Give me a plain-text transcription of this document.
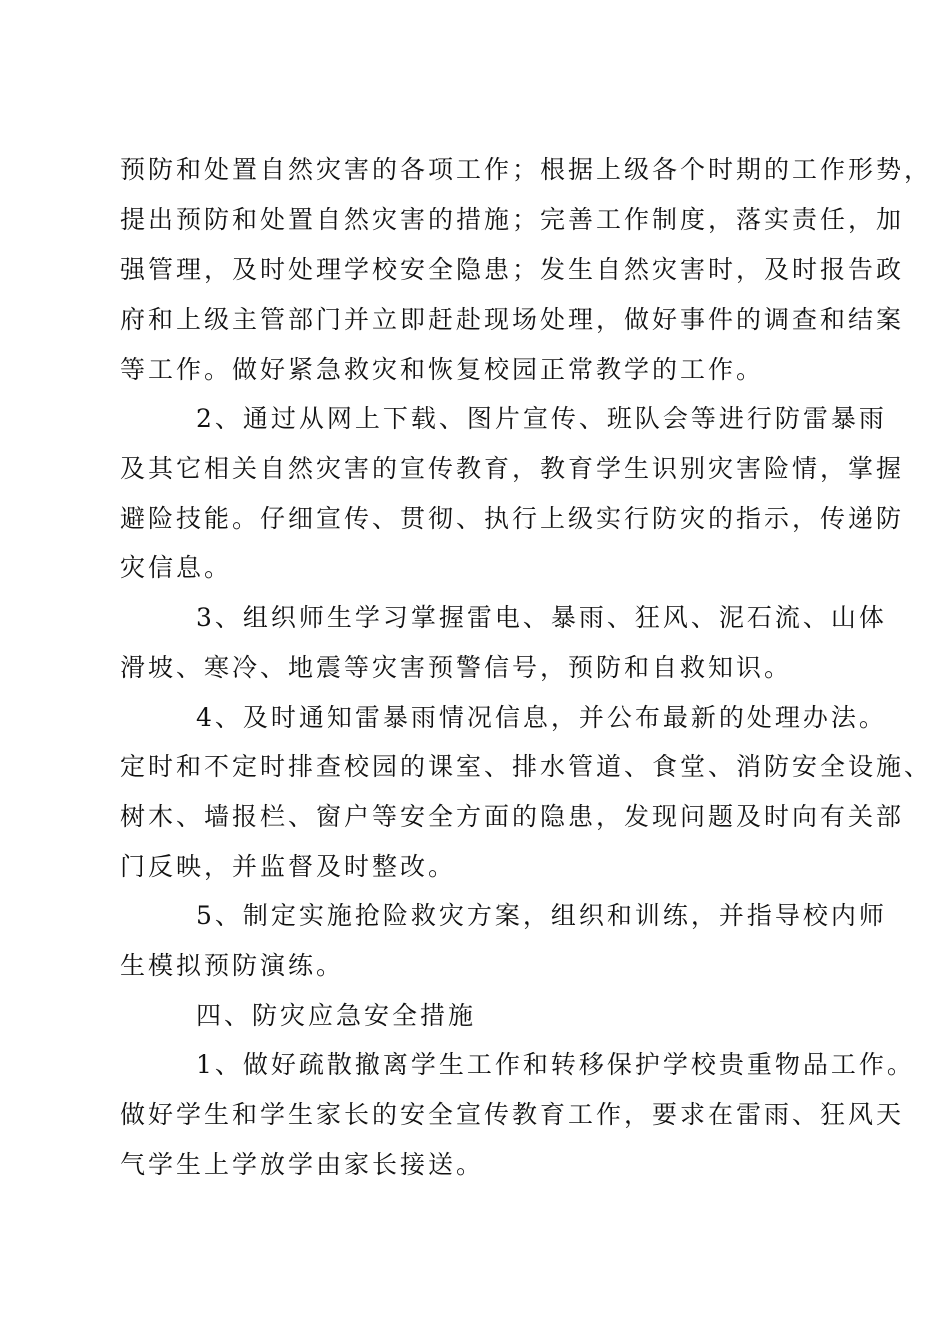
预防和处置自然灾害的各项工作；根据上级各个时期的工作形势，
提出预防和处置自然灾害的措施；完善工作制度，落实责任，加
强管理，及时处理学校安全隐患；发生自然灾害时，及时报告政
府和上级主管部门并立即赶赴现场处理，做好事件的调查和结案
等工作。做好紧急救灾和恢复校园正常教学的工作。
2、通过从网上下载、图片宣传、班队会等进行防雷暴雨
及其它相关自然灾害的宣传教育，教育学生识别灾害险情，掌握
避险技能。仔细宣传、贯彻、执行上级实行防灾的指示，传递防
灾信息。
3、组织师生学习掌握雷电、暴雨、狂风、泥石流、山体
滑坡、寒冷、地震等灾害预警信号，预防和自救知识。
4、及时通知雷暴雨情况信息，并公布最新的处理办法。
定时和不定时排查校园的课室、排水管道、食堂、消防安全设施、
树木、墙报栏、窗户等安全方面的隐患，发现问题及时向有关部
门反映，并监督及时整改。
5、制定实施抢险救灾方案，组织和训练，并指导校内师
生模拟预防演练。
四、防灾应急安全措施
1、做好疏散撤离学生工作和转移保护学校贵重物品工作。
做好学生和学生家长的安全宣传教育工作，要求在雷雨、狂风天
气学生上学放学由家长接送。
